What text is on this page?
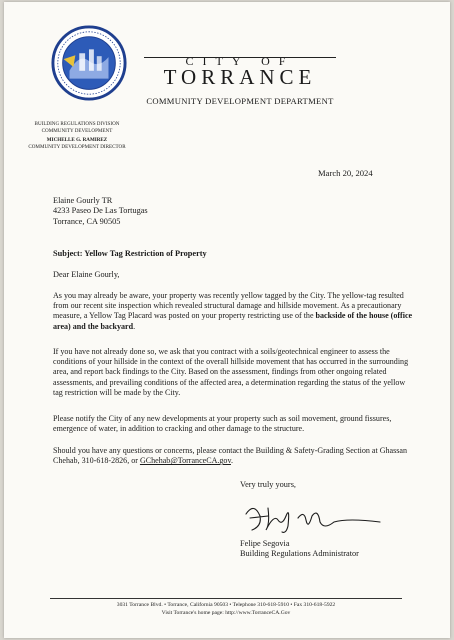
CITY OF
TORRANCE
COMMUNITY DEVELOPMENT DEPARTMENT
BUILDING REGULATIONS DIVISION
COMMUNITY DEVELOPMENT
MICHELLE G. RAMIREZ
COMMUNITY DEVELOPMENT DIRECTOR
March 20, 2024
Elaine Gourly TR
4233 Paseo De Las Tortugas
Torrance, CA 90505
Subject: Yellow Tag Restriction of Property
Dear Elaine Gourly,
As you may already be aware, your property was recently yellow tagged by the City. The yellow-tag resulted from our recent site inspection which revealed structural damage and hillside movement. As a precautionary measure, a Yellow Tag Placard was posted on your property restricting use of the backside of the house (office area) and the backyard.
If you have not already done so, we ask that you contract with a soils/geotechnical engineer to assess the conditions of your hillside in the context of the overall hillside movement that has occurred in the surrounding area, and report back findings to the City. Based on the assessment, findings from other ongoing related assessments, and prevailing conditions of the affected area, a determination regarding the status of the yellow tag restriction will be made by the City.
Please notify the City of any new developments at your property such as soil movement, ground fissures, emergence of water, in addition to cracking and other damage to the structure.
Should you have any questions or concerns, please contact the Building & Safety-Grading Section at Ghassan Chehab, 310-618-2826, or GChehab@TorranceCA.gov.
Very truly yours,
Felipe Segovia
Building Regulations Administrator
3031 Torrance Blvd. • Torrance, California 90503 • Telephone 310-618-5910 • Fax 310-618-5922
Visit Torrance's home page: http://www.TorranceCA.Gov
